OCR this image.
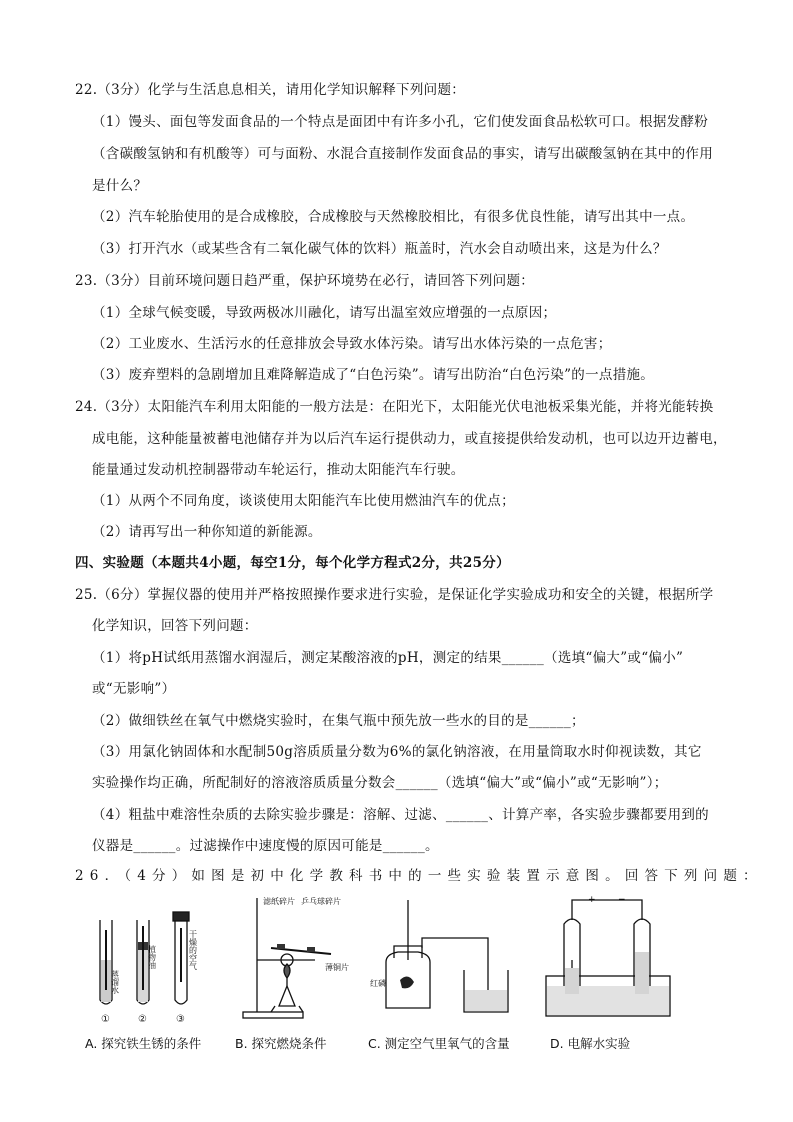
22.（3分）化学与生活息息相关，请用化学知识解释下列问题：
（1）馒头、面包等发面食品的一个特点是面团中有许多小孔，它们使发面食品松软可口。根据发酵粉
（含碳酸氢钠和有机酸等）可与面粉、水混合直接制作发面食品的事实，请写出碳酸氢钠在其中的作用
是什么？
（2）汽车轮胎使用的是合成橡胶，合成橡胶与天然橡胶相比，有很多优良性能，请写出其中一点。
（3）打开汽水（或某些含有二氧化碳气体的饮料）瓶盖时，汽水会自动喷出来，这是为什么？
23.（3分）目前环境问题日趋严重，保护环境势在必行，请回答下列问题：
（1）全球气候变暖，导致两极冰川融化，请写出温室效应增强的一点原因；
（2）工业废水、生活污水的任意排放会导致水体污染。请写出水体污染的一点危害；
（3）废弃塑料的急剧增加且难降解造成了“白色污染”。请写出防治“白色污染”的一点措施。
24.（3分）太阳能汽车利用太阳能的一般方法是：在阳光下，太阳能光伏电池板采集光能，并将光能转换
成电能，这种能量被蓄电池储存并为以后汽车运行提供动力，或直接提供给发动机，也可以边开边蓄电，
能量通过发动机控制器带动车轮运行，推动太阳能汽车行驶。
（1）从两个不同角度，谈谈使用太阳能汽车比使用燃油汽车的优点；
（2）请再写出一种你知道的新能源。
四、实验题（本题共4小题，每空1分，每个化学方程式2分，共25分）
25.（6分）掌握仪器的使用并严格按照操作要求进行实验，是保证化学实验成功和安全的关键，根据所学
化学知识，回答下列问题：
（1）将pH试纸用蒸馏水润湿后，测定某酸溶液的pH，测定的结果______（选填“偏大”或“偏小”
或“无影响”）
（2）做细铁丝在氧气中燃烧实验时，在集气瓶中预先放一些水的目的是______；
（3）用氯化钠固体和水配制50g溶质质量分数为6%的氯化钠溶液，在用量筒取水时仰视读数，其它
实验操作均正确，所配制好的溶液溶质质量分数会______（选填“偏大”或“偏小”或“无影响”）；
（4）粗盐中难溶性杂质的去除实验步骤是：溶解、过滤、______、计算产率，各实验步骤都要用到的
仪器是______。过滤操作中速度慢的原因可能是______。
26．（4分）如图是初中化学教科书中的一些实验装置示意图。回答下列问题：
蒸馏水
植物油	干燥的空气
①	②	③
A. 探究铁生锈的条件
滤纸碎片 乒乓球碎片
薄铜片
B. 探究燃烧条件
红磷
C. 测定空气里氧气的含量
+ −
D. 电解水实验
